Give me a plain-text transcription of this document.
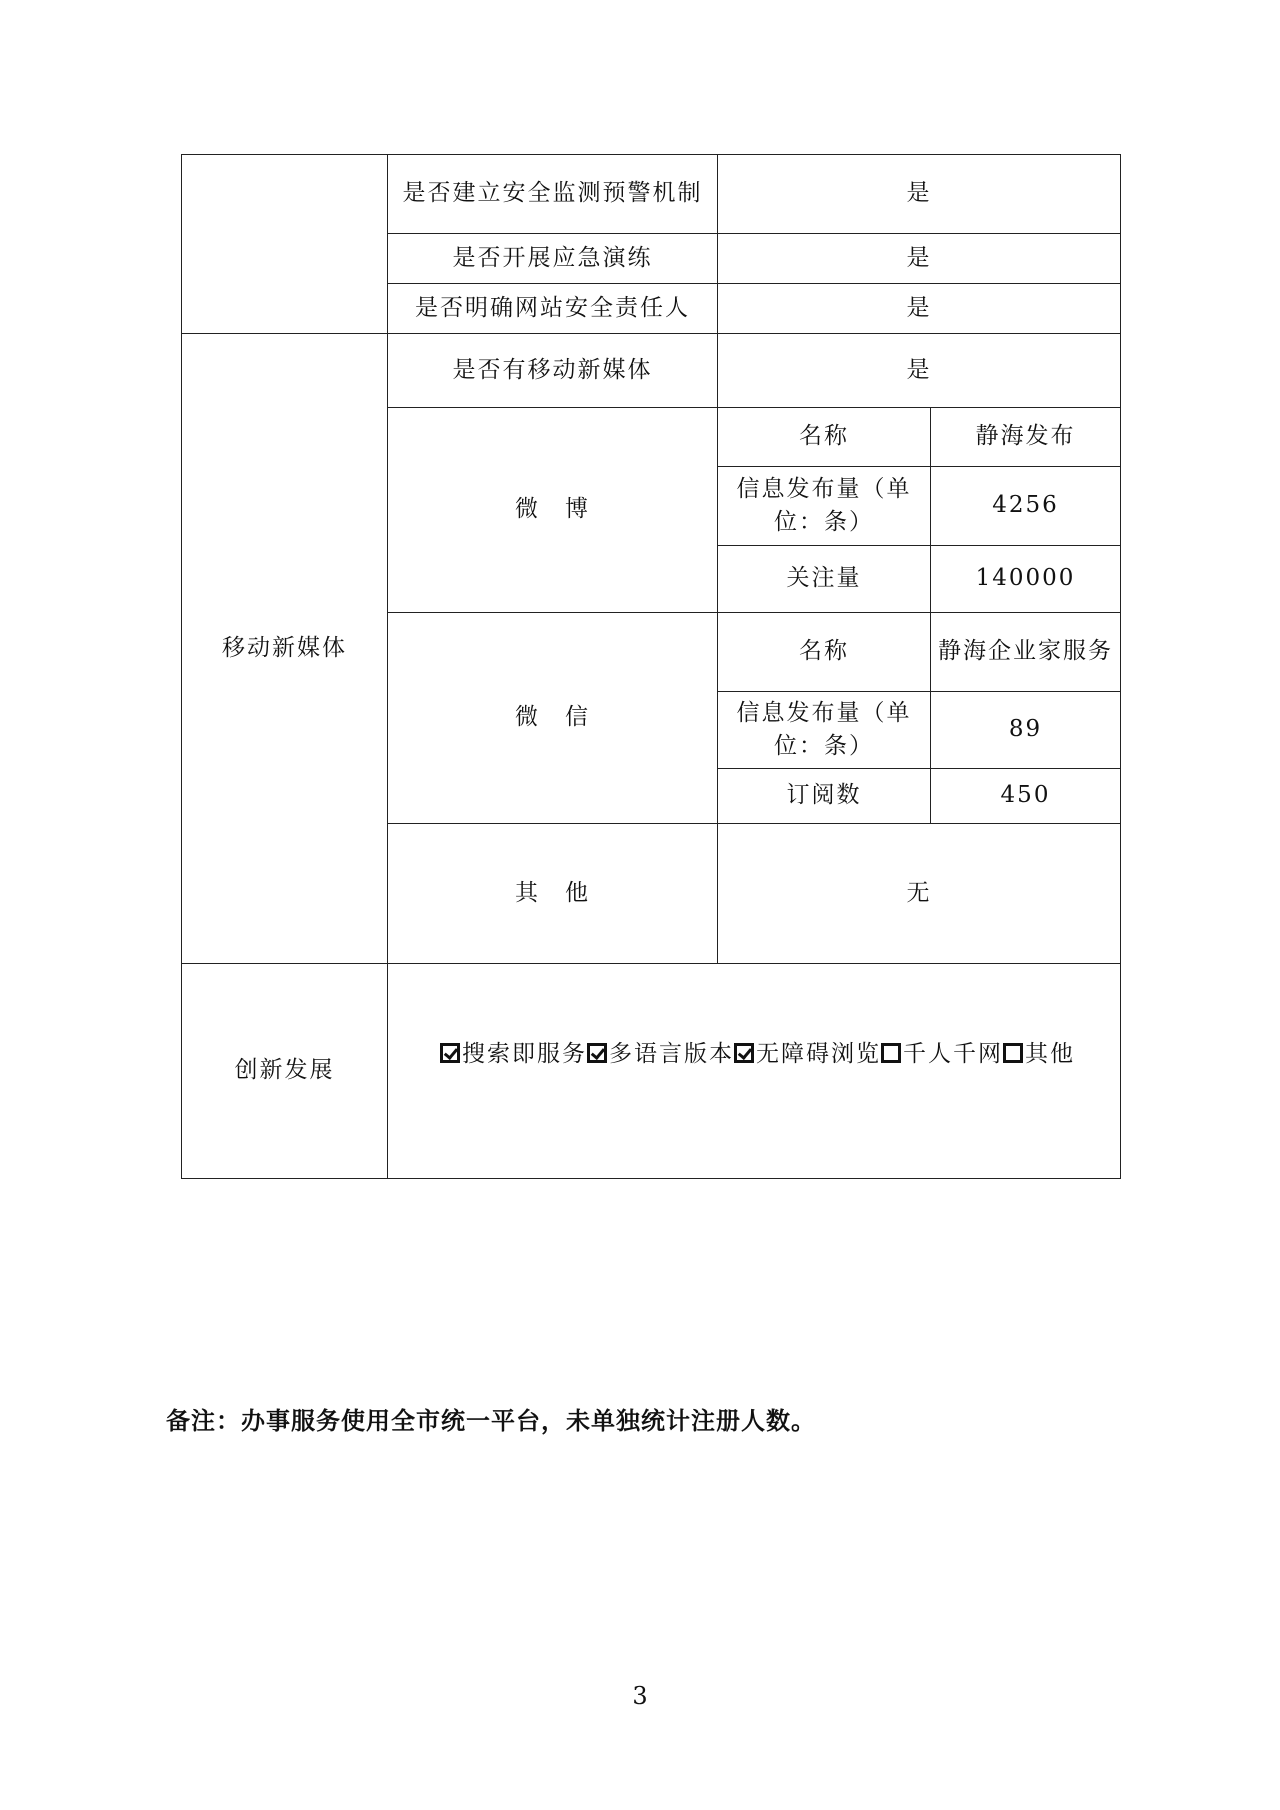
	是否建立安全监测预警机制	是	
	是否开展应急演练	是	
	是否明确网站安全责任人	是	
移动新媒体	是否有移动新媒体	是	
	微　博	名称	静海发布
		信息发布量（单位：条）	4256
		关注量	140000
	微　信	名称	静海企业家服务
		信息发布量（单位：条）	89
		订阅数	450
	其　他	无	
创新发展	搜索即服务 多语言版本 无障碍浏览 千人千网 其他		
备注：办事服务使用全市统一平台，未单独统计注册人数。
3
